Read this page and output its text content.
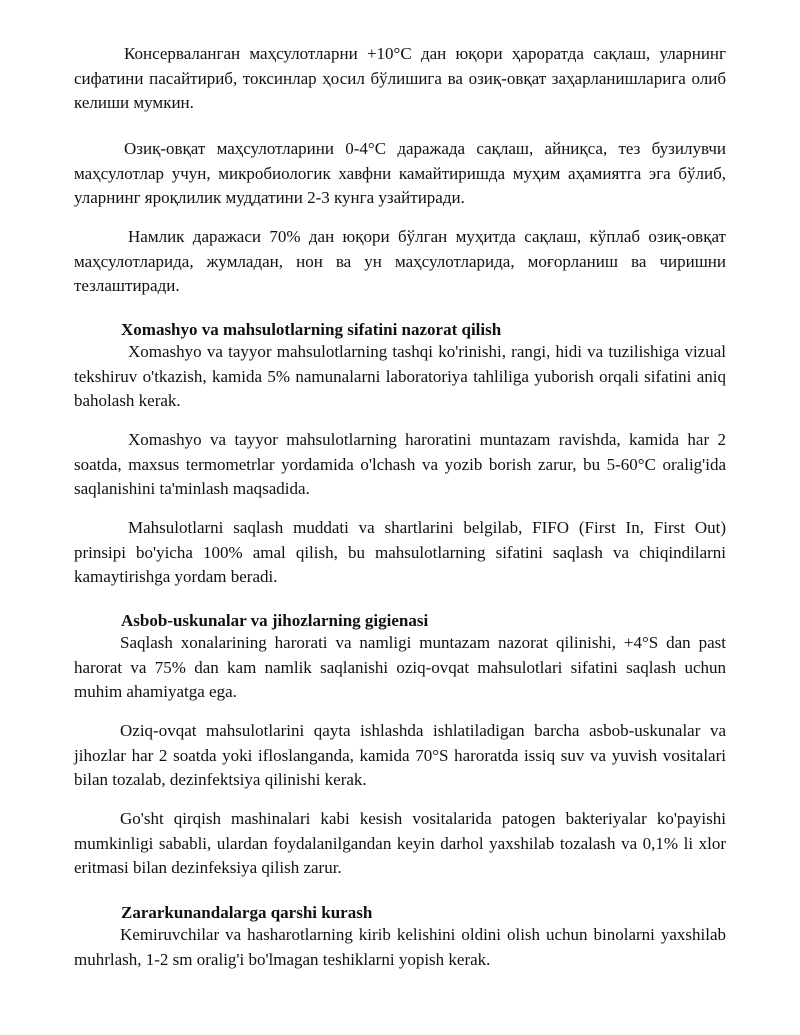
Консерваланган маҳсулотларни +10°С дан юқори ҳароратда сақлаш, уларнинг сифатини пасайтириб, токсинлар ҳосил бўлишига ва озиқ-овқат заҳарланишларига олиб келиши мумкин.

Озиқ-овқат маҳсулотларини 0-4°С даражада сақлаш, айниқса, тез бузилувчи маҳсулотлар учун, микробиологик хавфни камайтиришда муҳим аҳамиятга эга бўлиб, уларнинг яроқлилик муддатини 2-3 кунга узайтиради.

Намлик даражаси 70% дан юқори бўлган муҳитда сақлаш, кўплаб озиқ-овқат маҳсулотларида, жумладан, нон ва ун маҳсулотларида, моғорланиш ва чиришни тезлаштиради.

Xomashyo va mahsulotlarning sifatini nazorat qilish

Xomashyo va tayyor mahsulotlarning tashqi ko'rinishi, rangi, hidi va tuzilishiga vizual tekshiruv o'tkazish, kamida 5% namunalarni laboratoriya tahliliga yuborish orqali sifatini aniq baholash kerak.

Xomashyo va tayyor mahsulotlarning haroratini muntazam ravishda, kamida har 2 soatda, maxsus termometrlar yordamida o'lchash va yozib borish zarur, bu 5-60°C oralig'ida saqlanishini ta'minlash maqsadida.

Mahsulotlarni saqlash muddati va shartlarini belgilab, FIFO (First In, First Out) prinsipi bo'yicha 100% amal qilish, bu mahsulotlarning sifatini saqlash va chiqindilarni kamaytirishga yordam beradi.

Asbob-uskunalar va jihozlarning gigienasi

Saqlash xonalarining harorati va namligi muntazam nazorat qilinishi, +4°S dan past harorat va 75% dan kam namlik saqlanishi oziq-ovqat mahsulotlari sifatini saqlash uchun muhim ahamiyatga ega.

Oziq-ovqat mahsulotlarini qayta ishlashda ishlatiladigan barcha asbob-uskunalar va jihozlar har 2 soatda yoki ifloslanganda, kamida 70°S haroratda issiq suv va yuvish vositalari bilan tozalab, dezinfektsiya qilinishi kerak.

Go'sht qirqish mashinalari kabi kesish vositalarida patogen bakteriyalar ko'payishi mumkinligi sababli, ulardan foydalanilgandan keyin darhol yaxshilab tozalash va 0,1% li xlor eritmasi bilan dezinfeksiya qilish zarur.

Zararkunandalarga qarshi kurash

Kemiruvchilar va hasharotlarning kirib kelishini oldini olish uchun binolarni yaxshilab muhrlash, 1-2 sm oralig'i bo'lmagan teshiklarni yopish kerak.
